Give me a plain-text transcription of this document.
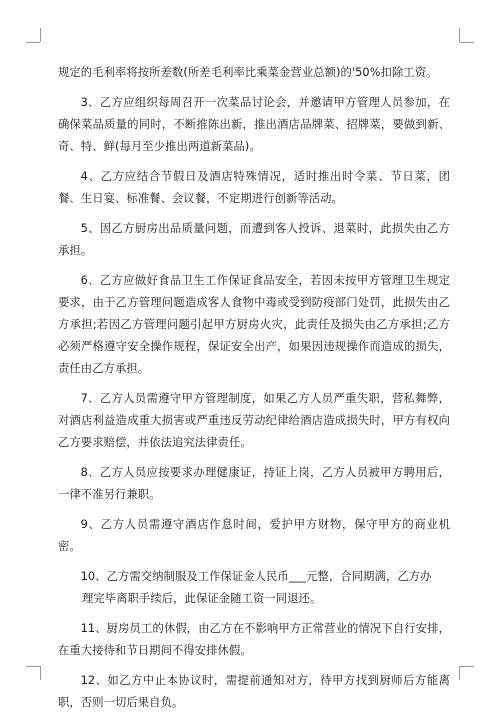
规定的毛利率将按所差数(所差毛利率比乘菜金营业总额)的'50%扣除工资。

3、乙方应组织每周召开一次菜品讨论会，并邀请甲方管理人员参加，在确保菜品质量的同时，不断推陈出新，推出酒店品牌菜、招牌菜，要做到新、奇、特、鲜(每月至少推出两道新菜品)。

4、乙方应结合节假日及酒店特殊情况，适时推出时令菜、节日菜，团餐、生日宴、标准餐、会议餐，不定期进行创新等活动。

5、因乙方厨房出品质量问题，而遭到客人投诉、退菜时，此损失由乙方承担。

6、乙方应做好食品卫生工作保证食品安全，若因未按甲方管理卫生规定要求，由于乙方管理问题造成客人食物中毒或受到防疫部门处罚，此损失由乙方承担;若因乙方管理问题引起甲方厨房火灾，此责任及损失由乙方承担;乙方必须严格遵守安全操作规程，保证安全出产，如果因违规操作而造成的损失，责任由乙方承担。

7、乙方人员需遵守甲方管理制度，如果乙方人员严重失职，营私舞弊，对酒店利益造成重大损害或严重违反劳动纪律给酒店造成损失时，甲方有权向乙方要求赔偿，并依法追究法律责任。

8、乙方人员应按要求办理健康证，持证上岗，乙方人员被甲方聘用后，一律不准另行兼职。

9、乙方人员需遵守酒店作息时间，爱护甲方财物，保守甲方的商业机密。

10、乙方需交纳制服及工作保证金人民币___元整，合同期满，乙方办

理完毕离职手续后，此保证金随工资一同退还。

11、厨房员工的休假，由乙方在不影响甲方正常营业的情况下自行安排，在重大接待和节日期间不得安排休假。

12、如乙方中止本协议时，需提前通知对方，待甲方找到厨师后方能离职，否则一切后果自负。
